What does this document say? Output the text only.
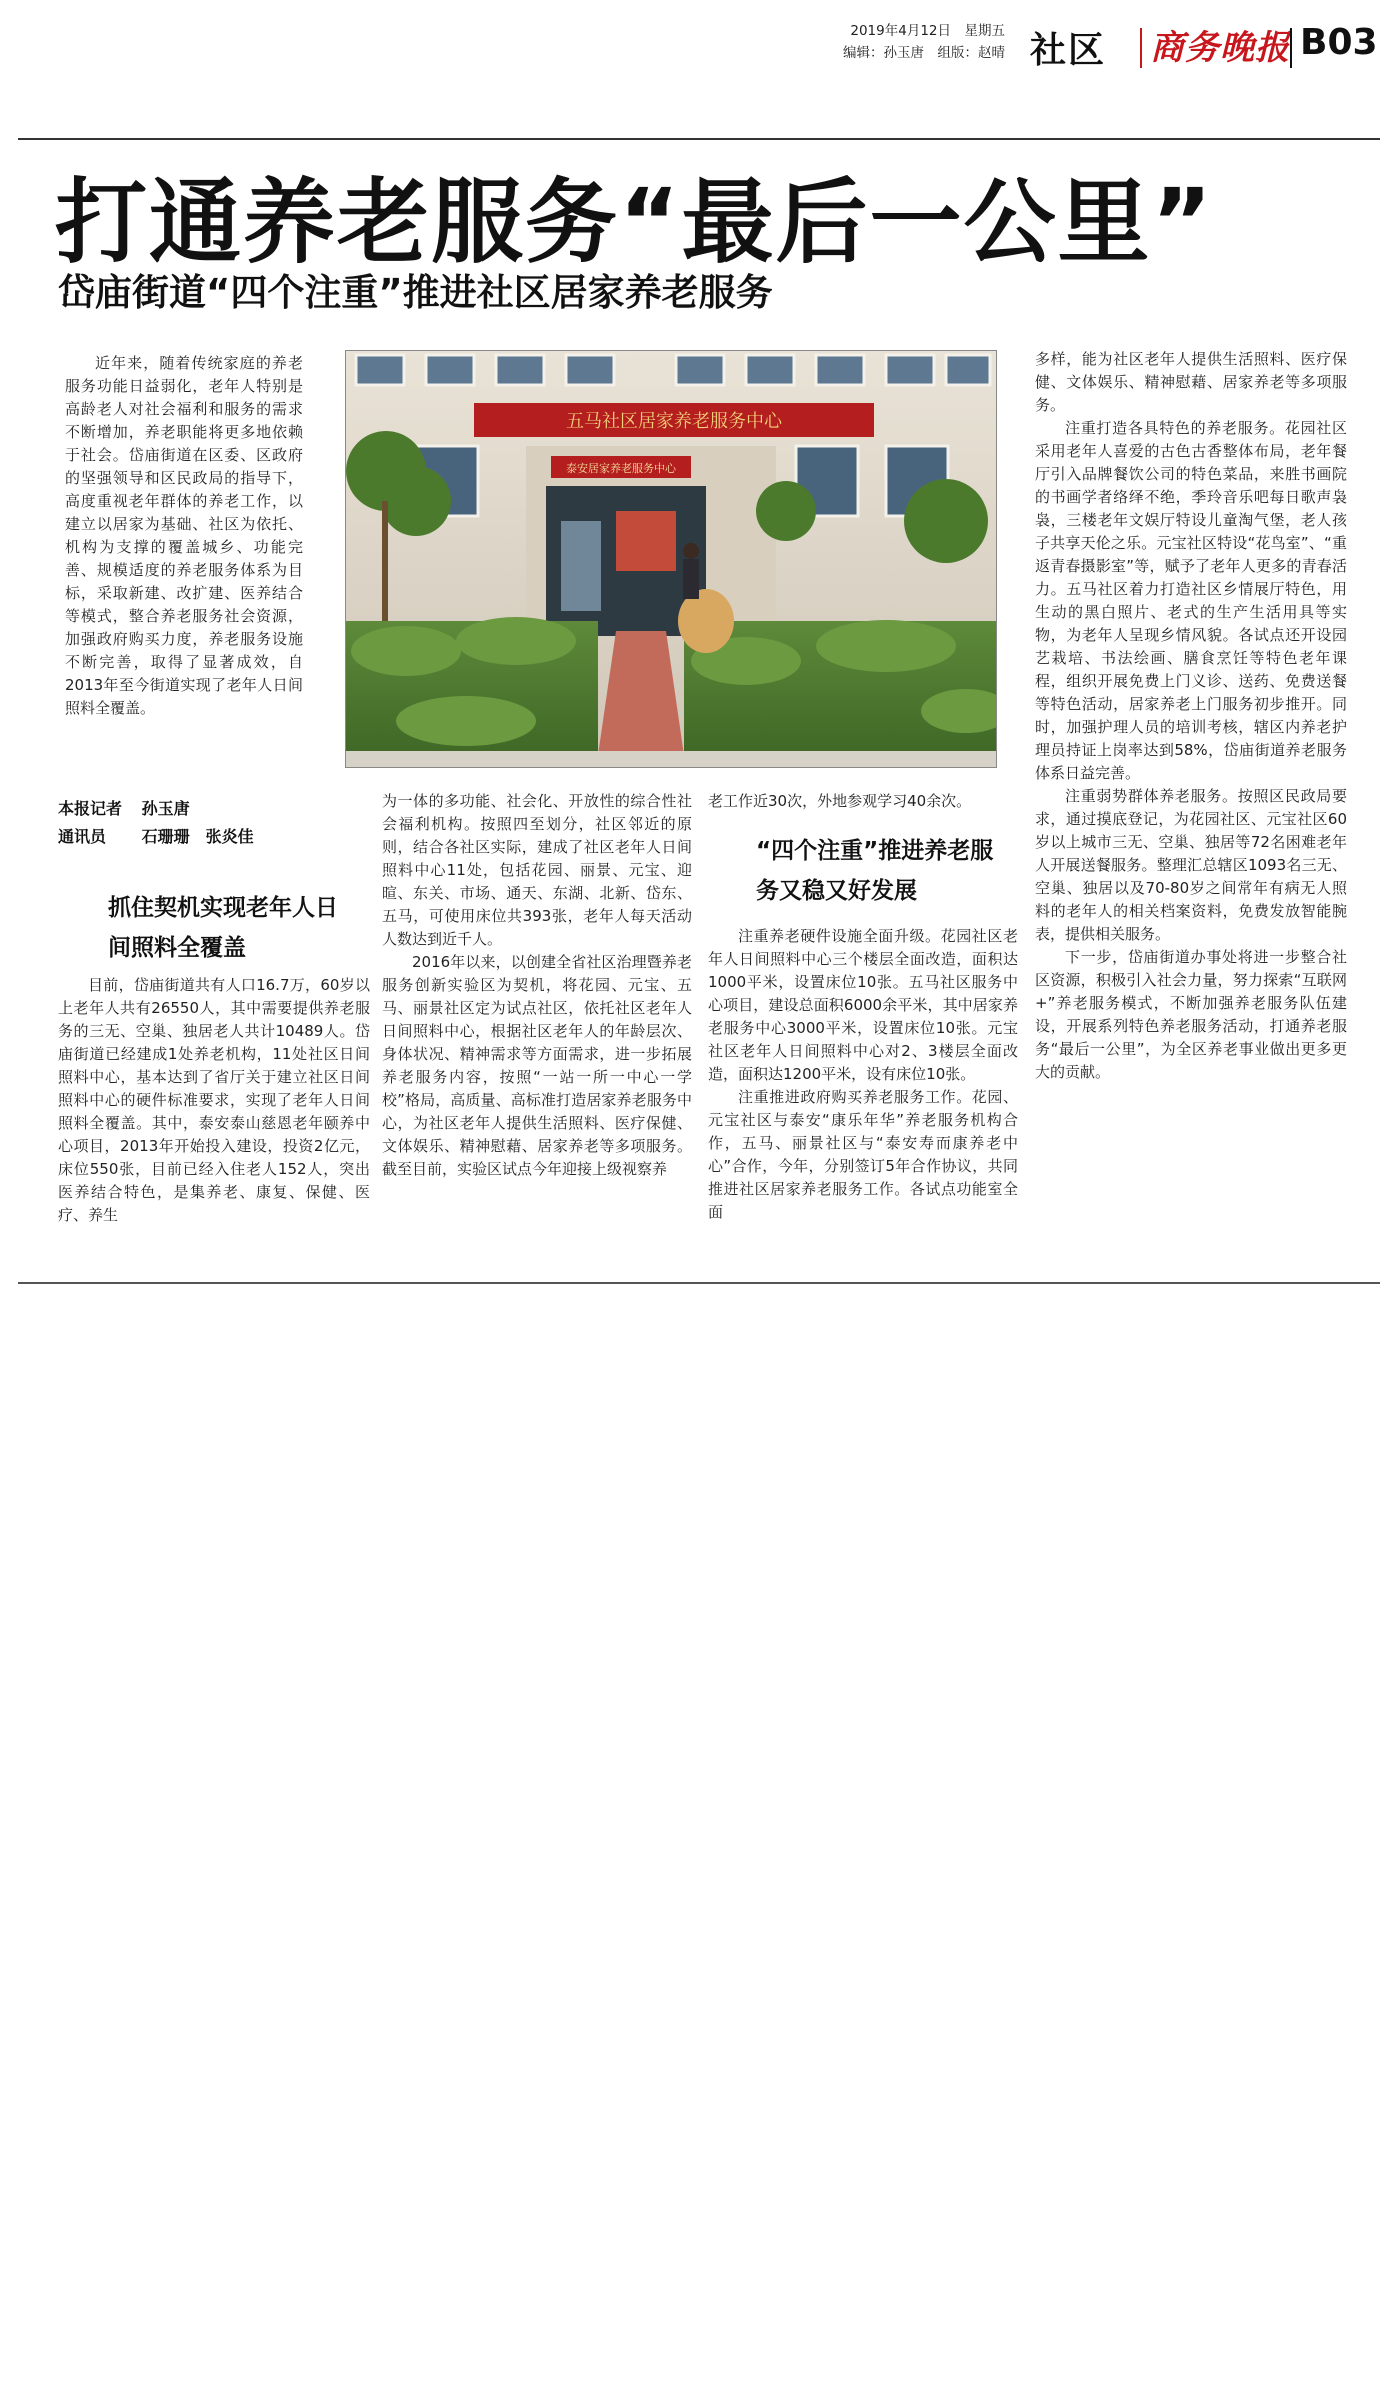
2019年4月12日　星期五
编辑：孙玉唐　组版：赵晴 社区 商务晚报 B03
打通养老服务“最后一公里”
岱庙街道“四个注重”推进社区居家养老服务

近年来，随着传统家庭的养老服务功能日益弱化，老年人特别是高龄老人对社会福利和服务的需求不断增加，养老职能将更多地依赖于社会。岱庙街道在区委、区政府的坚强领导和区民政局的指导下，高度重视老年群体的养老工作，以建立以居家为基础、社区为依托、机构为支撑的覆盖城乡、功能完善、规模适度的养老服务体系为目标，采取新建、改扩建、医养结合等模式，整合养老服务社会资源，加强政府购买力度，养老服务设施不断完善，取得了显著成效，自2013年至今街道实现了老年人日间照料全覆盖。

五马社区居家养老服务中心
泰安居家养老服务中心
本报记者 孙玉唐
通讯员 石珊珊　张炎佳
抓住契机实现老年人日
间照料全覆盖

目前，岱庙街道共有人口16.7万，60岁以上老年人共有26550人，其中需要提供养老服务的三无、空巢、独居老人共计10489人。岱庙街道已经建成1处养老机构，11处社区日间照料中心，基本达到了省厅关于建立社区日间照料中心的硬件标准要求，实现了老年人日间照料全覆盖。其中，泰安泰山慈恩老年颐养中心项目，2013年开始投入建设，投资2亿元，床位550张，目前已经入住老人152人，突出医养结合特色，是集养老、康复、保健、医疗、养生

为一体的多功能、社会化、开放性的综合性社会福利机构。按照四至划分，社区邻近的原则，结合各社区实际，建成了社区老年人日间照料中心11处，包括花园、丽景、元宝、迎暄、东关、市场、通天、东湖、北新、岱东、五马，可使用床位共393张，老年人每天活动人数达到近千人。

2016年以来，以创建全省社区治理暨养老服务创新实验区为契机，将花园、元宝、五马、丽景社区定为试点社区，依托社区老年人日间照料中心，根据社区老年人的年龄层次、身体状况、精神需求等方面需求，进一步拓展养老服务内容，按照“一站一所一中心一学校”格局，高质量、高标准打造居家养老服务中心，为社区老年人提供生活照料、医疗保健、文体娱乐、精神慰藉、居家养老等多项服务。截至目前，实验区试点今年迎接上级视察养

老工作近30次，外地参观学习40余次。

“四个注重”推进养老服
务又稳又好发展

注重养老硬件设施全面升级。花园社区老年人日间照料中心三个楼层全面改造，面积达1000平米，设置床位10张。五马社区服务中心项目，建设总面积6000余平米，其中居家养老服务中心3000平米，设置床位10张。元宝社区老年人日间照料中心对2、3楼层全面改造，面积达1200平米，设有床位10张。

注重推进政府购买养老服务工作。花园、元宝社区与泰安“康乐年华”养老服务机构合作，五马、丽景社区与“泰安寿而康养老中心”合作，今年，分别签订5年合作协议，共同推进社区居家养老服务工作。各试点功能室全面

多样，能为社区老年人提供生活照料、医疗保健、文体娱乐、精神慰藉、居家养老等多项服务。

注重打造各具特色的养老服务。花园社区采用老年人喜爱的古色古香整体布局，老年餐厅引入品牌餐饮公司的特色菜品，来胜书画院的书画学者络绎不绝，季玲音乐吧每日歌声袅袅，三楼老年文娱厅特设儿童淘气堡，老人孩子共享天伦之乐。元宝社区特设“花鸟室”、“重返青春摄影室”等，赋予了老年人更多的青春活力。五马社区着力打造社区乡情展厅特色，用生动的黑白照片、老式的生产生活用具等实物，为老年人呈现乡情风貌。各试点还开设园艺栽培、书法绘画、膳食烹饪等特色老年课程，组织开展免费上门义诊、送药、免费送餐等特色活动，居家养老上门服务初步推开。同时，加强护理人员的培训考核，辖区内养老护理员持证上岗率达到58%，岱庙街道养老服务体系日益完善。

注重弱势群体养老服务。按照区民政局要求，通过摸底登记，为花园社区、元宝社区60岁以上城市三无、空巢、独居等72名困难老年人开展送餐服务。整理汇总辖区1093名三无、空巢、独居以及70-80岁之间常年有病无人照料的老年人的相关档案资料，免费发放智能腕表，提供相关服务。

下一步，岱庙街道办事处将进一步整合社区资源，积极引入社会力量，努力探索“互联网+”养老服务模式，不断加强养老服务队伍建设，开展系列特色养老服务活动，打通养老服务“最后一公里”，为全区养老事业做出更多更大的贡献。
